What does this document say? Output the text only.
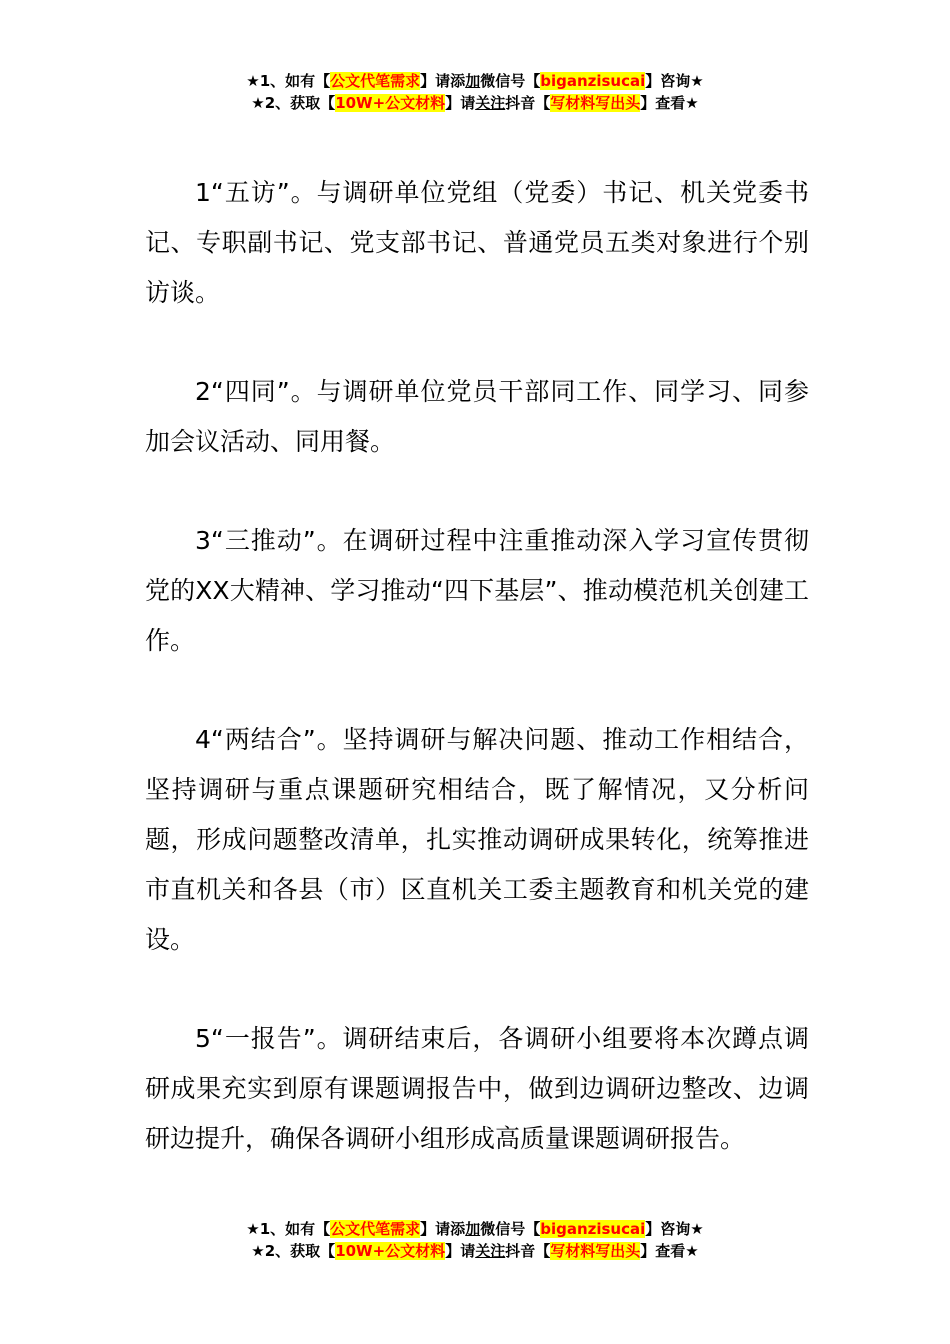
★1、如有【公文代笔需求】请添加微信号【biganzisucai】咨询★
★2、获取【10W+公文材料】请关注抖音【写材料写出头】查看★

1“五访”。与调研单位党组（党委）书记、机关党委书记、专职副书记、党支部书记、普通党员五类对象进行个别访谈。

2“四同”。与调研单位党员干部同工作、同学习、同参加会议活动、同用餐。

3“三推动”。在调研过程中注重推动深入学习宣传贯彻党的XX大精神、学习推动“四下基层”、推动模范机关创建工作。

4“两结合”。坚持调研与解决问题、推动工作相结合，坚持调研与重点课题研究相结合，既了解情况，又分析问题，形成问题整改清单，扎实推动调研成果转化，统筹推进市直机关和各县（市）区直机关工委主题教育和机关党的建设。

5“一报告”。调研结束后，各调研小组要将本次蹲点调研成果充实到原有课题调报告中，做到边调研边整改、边调研边提升，确保各调研小组形成高质量课题调研报告。

★1、如有【公文代笔需求】请添加微信号【biganzisucai】咨询★
★2、获取【10W+公文材料】请关注抖音【写材料写出头】查看★
